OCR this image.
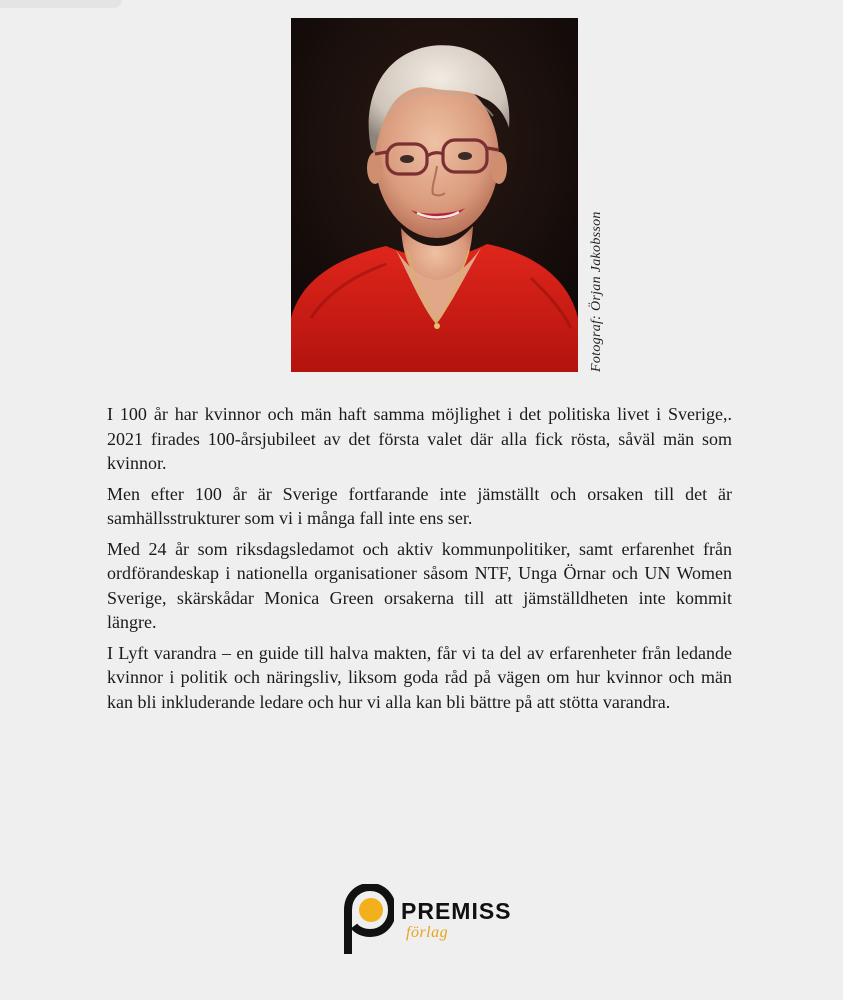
Fotograf: Örjan Jakobsson

I 100 år har kvinnor och män haft samma möjlighet i det politiska livet i Sverige,. 2021 firades 100-årsjubileet av det första valet där alla fick rösta, såväl män som kvinnor.

Men efter 100 år är Sverige fortfarande inte jämställt och orsaken till det är samhällsstrukturer som vi i många fall inte ens ser.

Med 24 år som riksdagsledamot och aktiv kommunpolitiker, samt erfarenhet från ordförandeskap i nationella organisationer såsom NTF, Unga Örnar och UN Women Sverige, skärskådar Monica Green orsakerna till att jämställdheten inte kommit längre.

I Lyft varandra – en guide till halva makten, får vi ta del av erfarenheter från ledande kvinnor i politik och näringsliv, liksom goda råd på vägen om hur kvinnor och män kan bli inkluderande ledare och hur vi alla kan bli bättre på att stötta varandra.

PREMISS
förlag
